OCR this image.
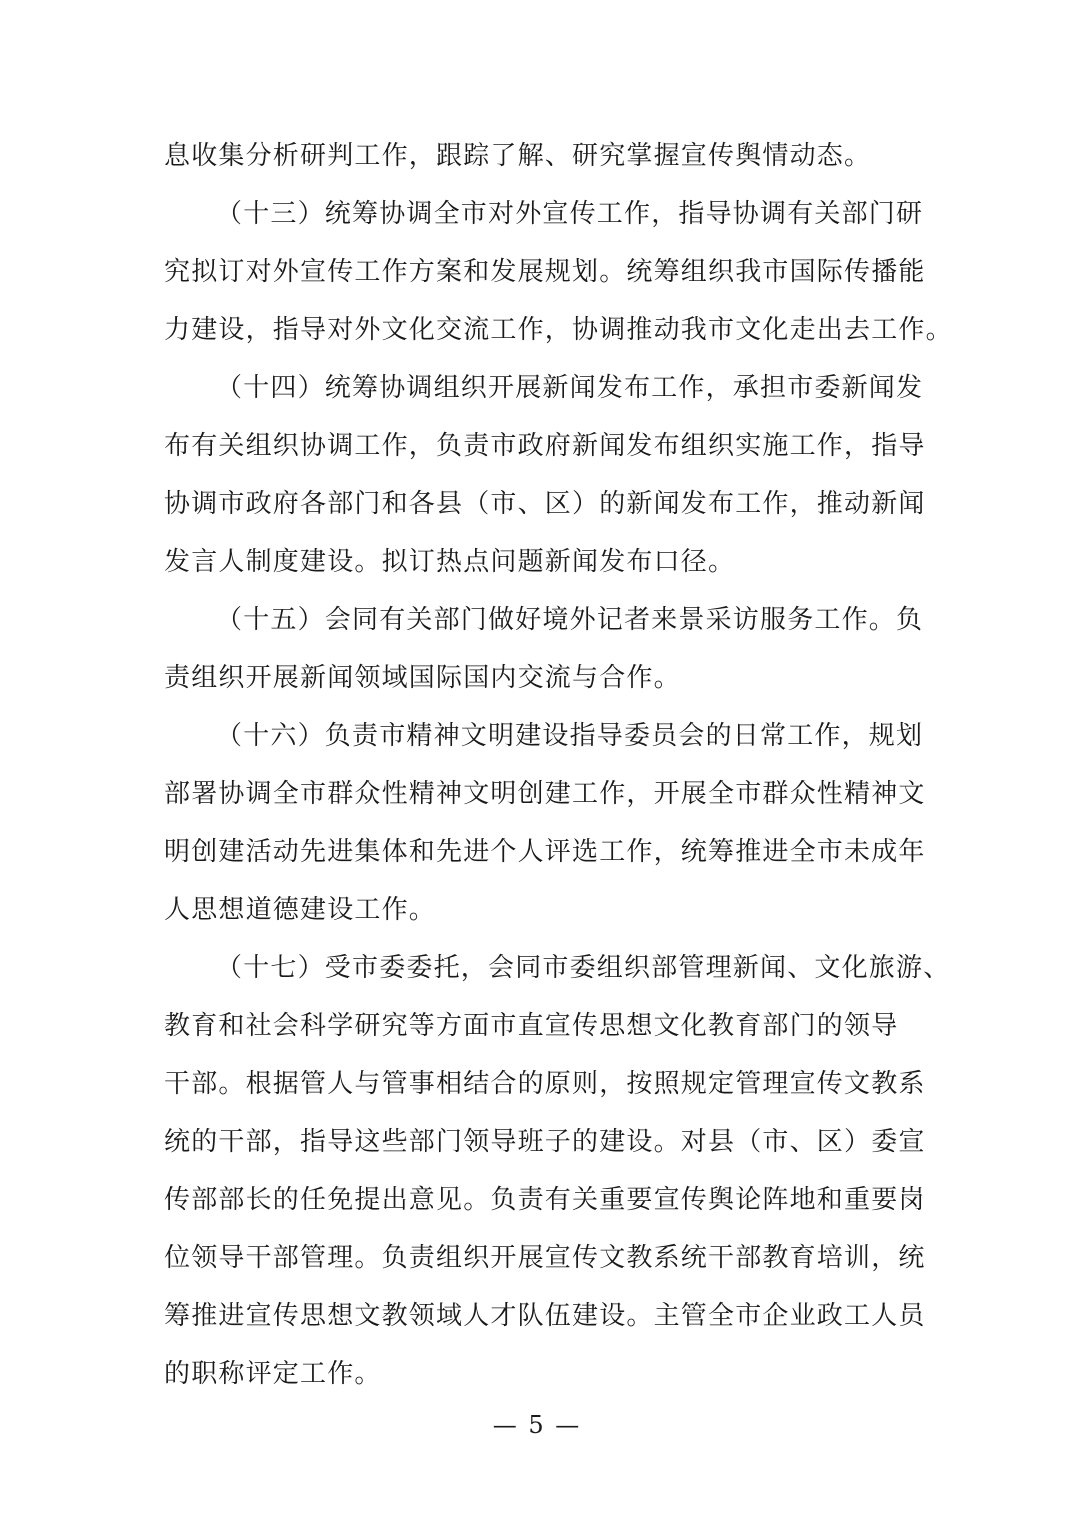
息收集分析研判工作，跟踪了解、研究掌握宣传舆情动态。
（十三）统筹协调全市对外宣传工作，指导协调有关部门研
究拟订对外宣传工作方案和发展规划。统筹组织我市国际传播能
力建设，指导对外文化交流工作，协调推动我市文化走出去工作。
（十四）统筹协调组织开展新闻发布工作，承担市委新闻发
布有关组织协调工作，负责市政府新闻发布组织实施工作，指导
协调市政府各部门和各县（市、区）的新闻发布工作，推动新闻
发言人制度建设。拟订热点问题新闻发布口径。
（十五）会同有关部门做好境外记者来景采访服务工作。负
责组织开展新闻领域国际国内交流与合作。
（十六）负责市精神文明建设指导委员会的日常工作，规划
部署协调全市群众性精神文明创建工作，开展全市群众性精神文
明创建活动先进集体和先进个人评选工作，统筹推进全市未成年
人思想道德建设工作。
（十七）受市委委托，会同市委组织部管理新闻、文化旅游、
教育和社会科学研究等方面市直宣传思想文化教育部门的领导
干部。根据管人与管事相结合的原则，按照规定管理宣传文教系
统的干部，指导这些部门领导班子的建设。对县（市、区）委宣
传部部长的任免提出意见。负责有关重要宣传舆论阵地和重要岗
位领导干部管理。负责组织开展宣传文教系统干部教育培训，统
筹推进宣传思想文教领域人才队伍建设。主管全市企业政工人员
的职称评定工作。
— 5 —
